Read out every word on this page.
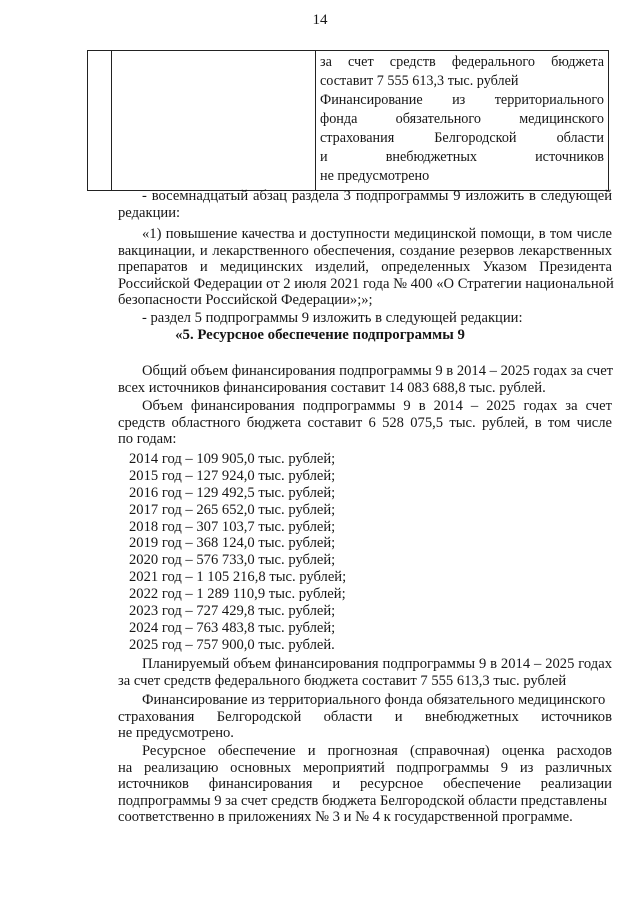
14

за счет средств федерального бюджета
составит 7 555 613,3 тыс. рублей
Финансирование из территориального
фонда обязательного медицинского
страхования Белгородской области
и внебюджетных источников
не предусмотрено
- восемнадцатый абзац раздела 3 подпрограммы 9 изложить в следующей
редакции:
«1) повышение качества и доступности медицинской помощи, в том числе
вакцинации, и лекарственного обеспечения, создание резервов лекарственных
препаратов и медицинских изделий, определенных Указом Президента
Российской Федерации от 2 июля 2021 года № 400 «О Стратегии национальной
безопасности Российской Федерации»;»;
- раздел 5 подпрограммы 9 изложить в следующей редакции:
«5. Ресурсное обеспечение подпрограммы 9
Общий объем финансирования подпрограммы 9 в 2014 – 2025 годах за счет
всех источников финансирования составит 14 083 688,8 тыс. рублей.
Объем финансирования подпрограммы 9 в 2014 – 2025 годах за счет
средств областного бюджета составит 6 528 075,5 тыс. рублей, в том числе
по годам:
2014 год – 109 905,0 тыс. рублей;
2015 год – 127 924,0 тыс. рублей;
2016 год – 129 492,5 тыс. рублей;
2017 год – 265 652,0 тыс. рублей;
2018 год – 307 103,7 тыс. рублей;
2019 год – 368 124,0 тыс. рублей;
2020 год – 576 733,0 тыс. рублей;
2021 год – 1 105 216,8 тыс. рублей;
2022 год – 1 289 110,9 тыс. рублей;
2023 год – 727 429,8 тыс. рублей;
2024 год – 763 483,8 тыс. рублей;
2025 год – 757 900,0 тыс. рублей.
Планируемый объем финансирования подпрограммы 9 в 2014 – 2025 годах
за счет средств федерального бюджета составит 7 555 613,3 тыс. рублей
Финансирование из территориального фонда обязательного медицинского
страхования Белгородской области и внебюджетных источников
не предусмотрено.
Ресурсное обеспечение и прогнозная (справочная) оценка расходов
на реализацию основных мероприятий подпрограммы 9 из различных
источников финансирования и ресурсное обеспечение реализации
подпрограммы 9 за счет средств бюджета Белгородской области представлены
соответственно в приложениях № 3 и № 4 к государственной программе.
